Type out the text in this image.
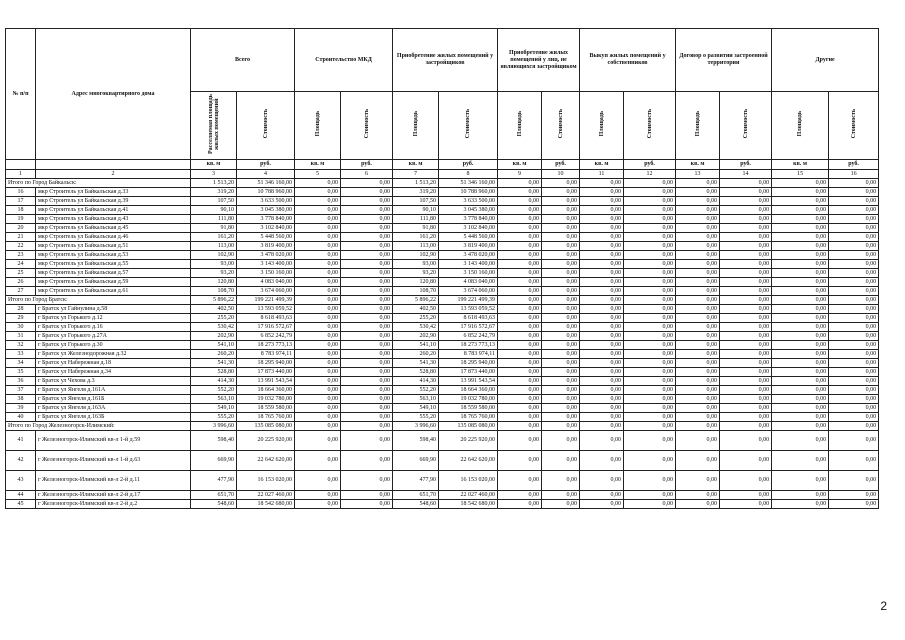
№ п/п	Адрес многоквартирного дома	Всего		Строительство МКД		Приобретение жилых помещений у застройщиков		Приобретение жилых помещений у лиц, не являющихся застройщиком		Выкуп жилых помещений у собственников		Договор о развитии застроенной территории		Другие	
		Расселяемая площадь жилых помещений	Стоимость	Площадь	Стоимость	Площадь	Стоимость	Площадь	Стоимость	Площадь	Стоимость	Площадь	Стоимость	Площадь	Стоимость
		кв. м	руб.	кв. м	руб.	кв. м	руб.	кв. м	руб.	кв. м	руб.	кв. м	руб.	кв. м	руб.
1	2	3	4	5	6	7	8	9	10	11	12	13	14	15	16
Итого по Город Байкальск:		1 513,20	51 346 160,00	0,00	0,00	1 513,20	51 346 160,00	0,00	0,00	0,00	0,00	0,00	0,00	0,00	0,00
16	мкр Строитель ул Байкальская д.33	319,20	10 788 960,00	0,00	0,00	319,20	10 788 960,00	0,00	0,00	0,00	0,00	0,00	0,00	0,00	0,00
17	мкр Строитель ул Байкальская д.39	107,50	3 633 500,00	0,00	0,00	107,50	3 633 500,00	0,00	0,00	0,00	0,00	0,00	0,00	0,00	0,00
18	мкр Строитель ул Байкальская д.41	90,10	3 045 380,00	0,00	0,00	90,10	3 045 380,00	0,00	0,00	0,00	0,00	0,00	0,00	0,00	0,00
19	мкр Строитель ул Байкальская д.43	111,80	3 778 840,00	0,00	0,00	111,80	3 778 840,00	0,00	0,00	0,00	0,00	0,00	0,00	0,00	0,00
20	мкр Строитель ул Байкальская д.45	91,80	3 102 840,00	0,00	0,00	91,80	3 102 840,00	0,00	0,00	0,00	0,00	0,00	0,00	0,00	0,00
21	мкр Строитель ул Байкальская д.46	161,20	5 448 560,00	0,00	0,00	161,20	5 448 560,00	0,00	0,00	0,00	0,00	0,00	0,00	0,00	0,00
22	мкр Строитель ул Байкальская д.51	113,00	3 819 400,00	0,00	0,00	113,00	3 819 400,00	0,00	0,00	0,00	0,00	0,00	0,00	0,00	0,00
23	мкр Строитель ул Байкальская д.53	102,90	3 478 020,00	0,00	0,00	102,90	3 478 020,00	0,00	0,00	0,00	0,00	0,00	0,00	0,00	0,00
24	мкр Строитель ул Байкальская д.55	93,00	3 143 400,00	0,00	0,00	93,00	3 143 400,00	0,00	0,00	0,00	0,00	0,00	0,00	0,00	0,00
25	мкр Строитель ул Байкальская д.57	93,20	3 150 160,00	0,00	0,00	93,20	3 150 160,00	0,00	0,00	0,00	0,00	0,00	0,00	0,00	0,00
26	мкр Строитель ул Байкальская д.59	120,80	4 083 040,00	0,00	0,00	120,80	4 083 040,00	0,00	0,00	0,00	0,00	0,00	0,00	0,00	0,00
27	мкр Строитель ул Байкальская д.61	108,70	3 674 060,00	0,00	0,00	108,70	3 674 060,00	0,00	0,00	0,00	0,00	0,00	0,00	0,00	0,00
Итого по Город Братск:		5 896,22	199 221 499,39	0,00	0,00	5 896,22	199 221 499,39	0,00	0,00	0,00	0,00	0,00	0,00	0,00	0,00
28	г Братск ул Гайнулина д.58	402,50	13 593 059,52	0,00	0,00	402,50	13 593 059,52	0,00	0,00	0,00	0,00	0,00	0,00	0,00	0,00
29	г Братск ул Горького д.12	255,20	8 618 493,63	0,00	0,00	255,20	8 618 493,63	0,00	0,00	0,00	0,00	0,00	0,00	0,00	0,00
30	г Братск ул Горького д.16	530,42	17 916 572,67	0,00	0,00	530,42	17 916 572,67	0,00	0,00	0,00	0,00	0,00	0,00	0,00	0,00
31	г Братск ул Горького д.27А	202,90	6 852 242,79	0,00	0,00	202,90	6 852 242,79	0,00	0,00	0,00	0,00	0,00	0,00	0,00	0,00
32	г Братск ул Горького д.30	541,10	18 273 773,13	0,00	0,00	541,10	18 273 773,13	0,00	0,00	0,00	0,00	0,00	0,00	0,00	0,00
33	г Братск ул Железнодорожная д.32	260,20	8 783 974,11	0,00	0,00	260,20	8 783 974,11	0,00	0,00	0,00	0,00	0,00	0,00	0,00	0,00
34	г Братск ул Набережная д.18	541,30	18 295 940,00	0,00	0,00	541,30	18 295 940,00	0,00	0,00	0,00	0,00	0,00	0,00	0,00	0,00
35	г Братск ул Набережная д.34	528,80	17 873 440,00	0,00	0,00	528,80	17 873 440,00	0,00	0,00	0,00	0,00	0,00	0,00	0,00	0,00
36	г Братск ул Чехова д.3	414,30	13 991 543,54	0,00	0,00	414,30	13 991 543,54	0,00	0,00	0,00	0,00	0,00	0,00	0,00	0,00
37	г Братск ул Янгеля д.161А	552,20	18 664 360,00	0,00	0,00	552,20	18 664 360,00	0,00	0,00	0,00	0,00	0,00	0,00	0,00	0,00
38	г Братск ул Янгеля д.161Б	563,10	19 032 780,00	0,00	0,00	563,10	19 032 780,00	0,00	0,00	0,00	0,00	0,00	0,00	0,00	0,00
39	г Братск ул Янгеля д.163А	549,10	18 559 580,00	0,00	0,00	549,10	18 559 580,00	0,00	0,00	0,00	0,00	0,00	0,00	0,00	0,00
40	г Братск ул Янгеля д.163Б	555,20	18 765 760,00	0,00	0,00	555,20	18 765 760,00	0,00	0,00	0,00	0,00	0,00	0,00	0,00	0,00
Итого по Город Железногорск-Илимский:		3 996,60	135 085 080,00	0,00	0,00	3 996,60	135 085 080,00	0,00	0,00	0,00	0,00	0,00	0,00	0,00	0,00
41	г Железногорск-Илимский кв-л 1-й д.59	598,40	20 225 920,00	0,00	0,00	598,40	20 225 920,00	0,00	0,00	0,00	0,00	0,00	0,00	0,00	0,00
42	г Железногорск-Илимский кв-л 1-й д.63	669,90	22 642 620,00	0,00	0,00	669,90	22 642 620,00	0,00	0,00	0,00	0,00	0,00	0,00	0,00	0,00
43	г Железногорск-Илимский кв-л 2-й д.11	477,90	16 153 020,00	0,00	0,00	477,90	16 153 020,00	0,00	0,00	0,00	0,00	0,00	0,00	0,00	0,00
44	г Железногорск-Илимский кв-л 2-й д.17	651,70	22 027 460,00	0,00	0,00	651,70	22 027 460,00	0,00	0,00	0,00	0,00	0,00	0,00	0,00	0,00
45	г Железногорск-Илимский кв-л 2-й д.2	548,60	18 542 680,00	0,00	0,00	548,60	18 542 680,00	0,00	0,00	0,00	0,00	0,00	0,00	0,00	0,00
2
